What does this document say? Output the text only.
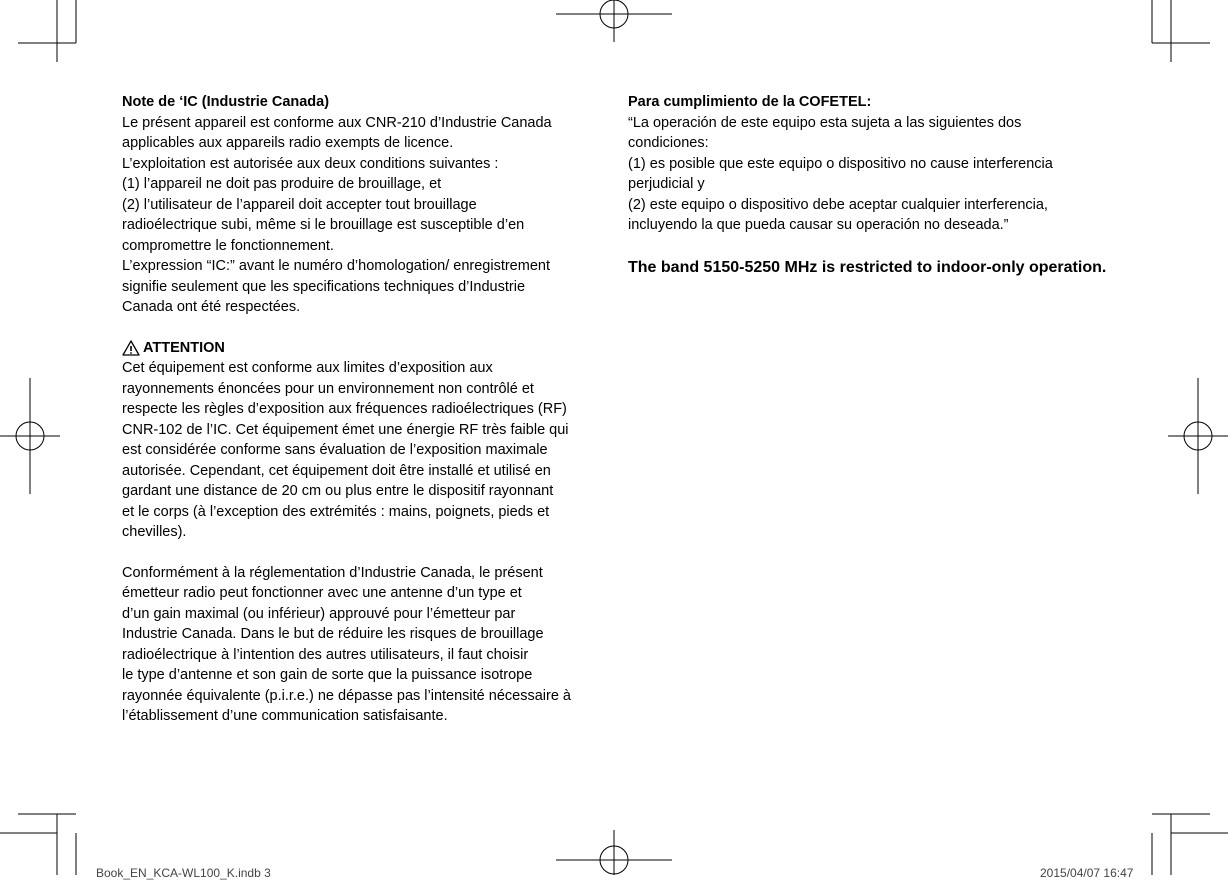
Note de ‘IC (Industrie Canada)
Le présent appareil est conforme aux CNR-210 d’Industrie Canada
applicables aux appareils radio exempts de licence.
L’exploitation est autorisée aux deux conditions suivantes :
(1) l’appareil ne doit pas produire de brouillage, et
(2) l’utilisateur de l’appareil doit accepter tout brouillage
radioélectrique subi, même si le brouillage est susceptible d’en
compromettre le fonctionnement.
L’expression “IC:” avant le numéro d’homologation/ enregistrement
signifie seulement que les specifications techniques d’Industrie
Canada ont été respectées.
ATTENTION
Cet équipement est conforme aux limites d’exposition aux
rayonnements énoncées pour un environnement non contrôlé et
respecte les règles d’exposition aux fréquences radioélectriques (RF)
CNR-102 de l’IC. Cet équipement émet une énergie RF très faible qui
est considérée conforme sans évaluation de l’exposition maximale
autorisée. Cependant, cet équipement doit être installé et utilisé en
gardant une distance de 20 cm ou plus entre le dispositif rayonnant
et le corps (à l’exception des extrémités : mains, poignets, pieds et
chevilles).
Conformément à la réglementation d’Industrie Canada, le présent
émetteur radio peut fonctionner avec une antenne d’un type et
d’un gain maximal (ou inférieur) approuvé pour l’émetteur par
Industrie Canada. Dans le but de réduire les risques de brouillage
radioélectrique à l’intention des autres utilisateurs, il faut choisir
le type d’antenne et son gain de sorte que la puissance isotrope
rayonnée équivalente (p.i.r.e.) ne dépasse pas l’intensité nécessaire à
l’établissement d’une communication satisfaisante.
Para cumplimiento de la COFETEL:
“La operación de este equipo esta sujeta a las siguientes dos
condiciones:
(1) es posible que este equipo o dispositivo no cause interferencia
perjudicial y
(2) este equipo o dispositivo debe aceptar cualquier interferencia,
incluyendo la que pueda causar su operación no deseada.”
The band 5150-5250 MHz is restricted to indoor-only operation.
Book_EN_KCA-WL100_K.indb 3	2015/04/07 16:47
